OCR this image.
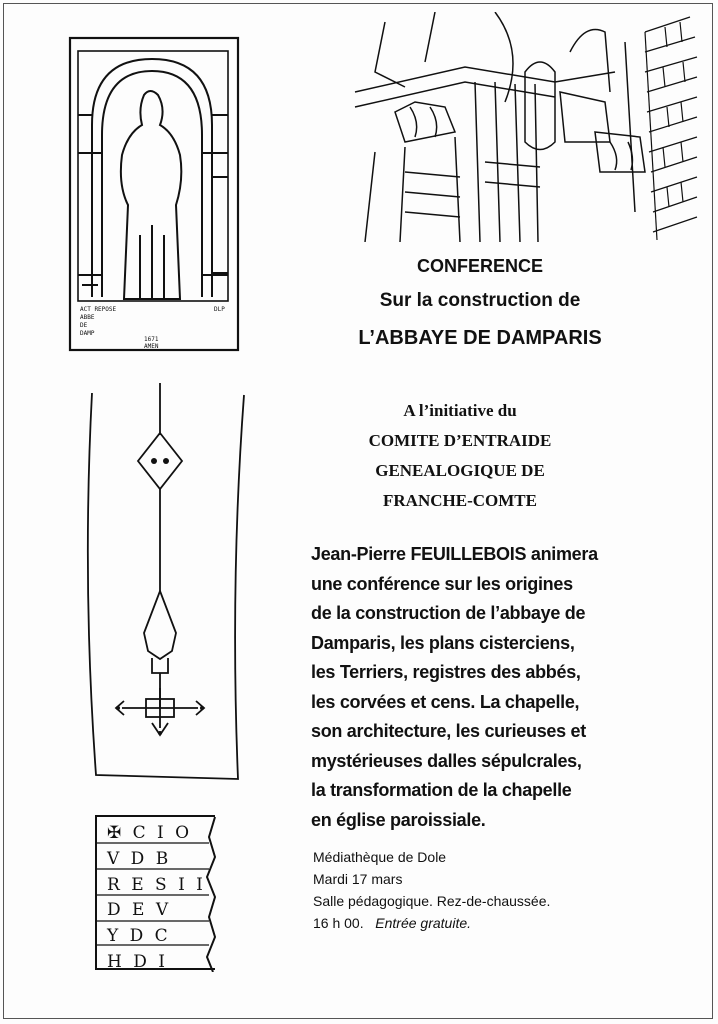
ACT REPOSE
ABBE
DE
DAMP
1671
AMEN
DLP
CONFERENCE
Sur la construction de
L’ABBAYE DE DAMPARIS
A l’initiative du
COMITE D’ENTRAIDE
GENEALOGIQUE DE
FRANCHE-COMTE
Jean-Pierre FEUILLEBOIS animera
une conférence sur les origines
de la construction de l’abbaye de
Damparis, les plans cisterciens,
les Terriers, registres des abbés,
les corvées et cens. La chapelle,
son architecture, les curieuses et
mystérieuses dalles sépulcrales,
la transformation de la chapelle
en église paroissiale.
✠ C I O
V D B
R E S I I
D E V
Y D C
H D I
Médiathèque de Dole
Mardi 17 mars
Salle pédagogique. Rez-de-chaussée.
16 h 00. Entrée gratuite.
